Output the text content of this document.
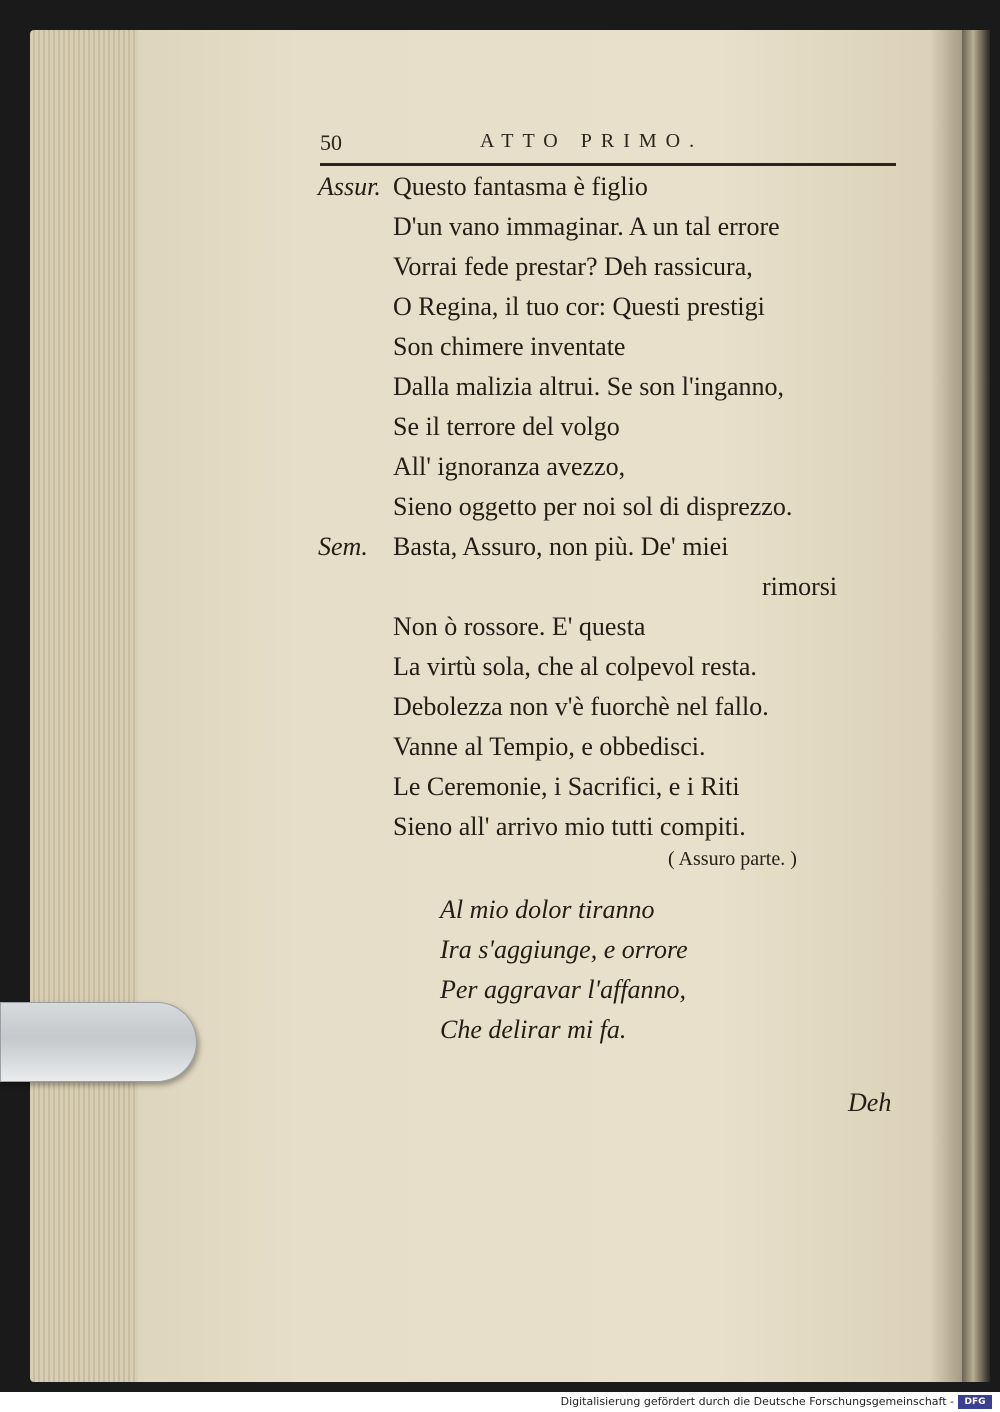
50	ATTO PRIMO.
Assur. Questo fantasma è figlio
D'un vano immaginar. A un tal errore
Vorrai fede prestar? Deh rassicura,
O Regina, il tuo cor: Questi prestigi
Son chimere inventate
Dalla malizia altrui. Se son l'inganno,
Se il terrore del volgo
All' ignoranza avezzo,
Sieno oggetto per noi sol di disprezzo.
Sem. Basta, Assuro, non più. De' miei
rimorsi
Non ò rossore. E' questa
La virtù sola, che al colpevol resta.
Debolezza non v'è fuorchè nel fallo.
Vanne al Tempio, e obbedisci.
Le Ceremonie, i Sacrifici, e i Riti
Sieno all' arrivo mio tutti compiti.
( Assuro parte. )
Al mio dolor tiranno
Ira s'aggiunge, e orrore
Per aggravar l'affanno,
Che delirar mi fa.
Deh
Digitalisierung gefördert durch die Deutsche Forschungsgemeinschaft -	DFG
